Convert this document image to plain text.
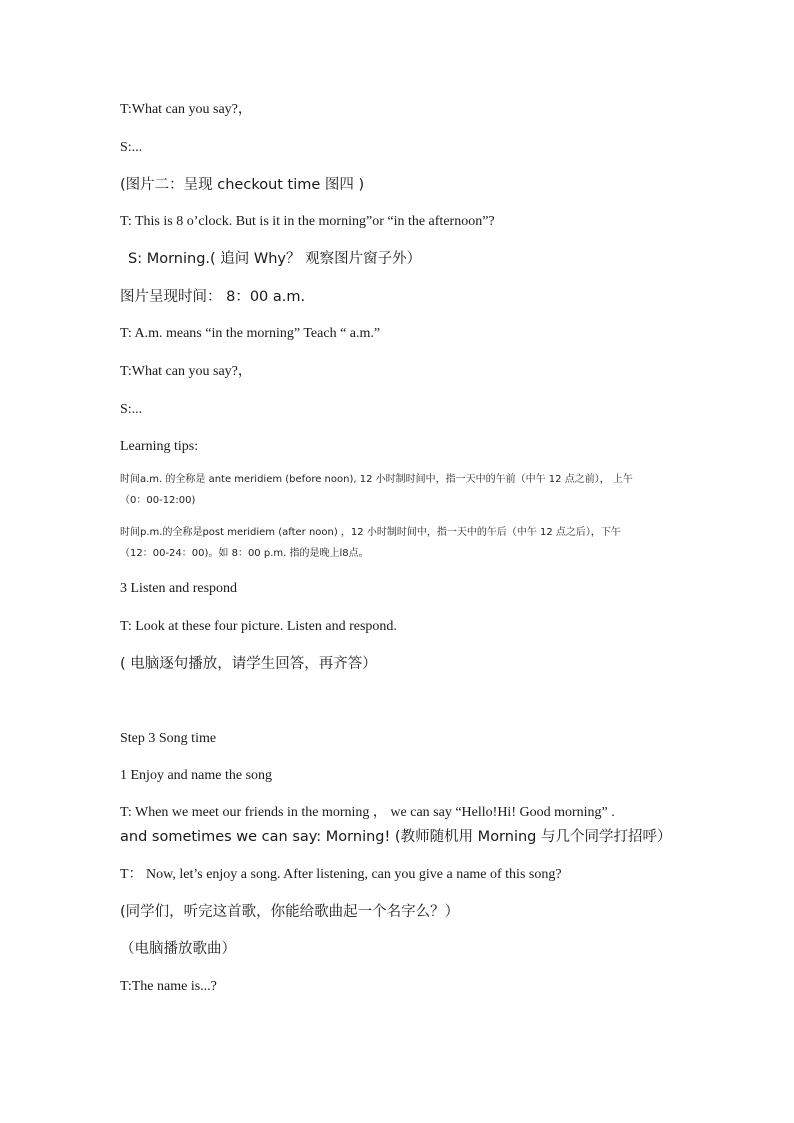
T:What can you say?，
S:...
(图片二：呈现 checkout time 图四 )
T: This is 8 o’clock. But is it in the morning”or “in the afternoon”?
S: Morning.( 追问 Why？ 观察图片窗子外）
图片呈现时间： 8：00 a.m.
T: A.m. means “in the morning” Teach “ a.m.”
T:What can you say?，
S:...
Learning tips:
时间a.m. 的全称是 ante meridiem (before noon), 12 小时制时间中，指一天中的午前（中午 12 点之前）， 上午
（0：00-12:00)
时间p.m.的全称是post meridiem (after noon) ，12 小时制时间中，指一天中的午后（中午 12 点之后），下午
（12：00-24：00)。如 8：00 p.m. 指的是晚上l8点。
3 Listen and respond
T: Look at these four picture. Listen and respond.
( 电脑逐句播放，请学生回答，再齐答）
Step 3 Song time
1 Enjoy and name the song
T: When we meet our friends in the morning ， we can say “Hello!Hi! Good morning” .
and sometimes we can say: Morning! (教师随机用 Morning 与几个同学打招呼）
T： Now, let’s enjoy a song. After listening, can you give a name of this song?
(同学们，听完这首歌，你能给歌曲起一个名字么？）
（电脑播放歌曲）
T:The name is...?
